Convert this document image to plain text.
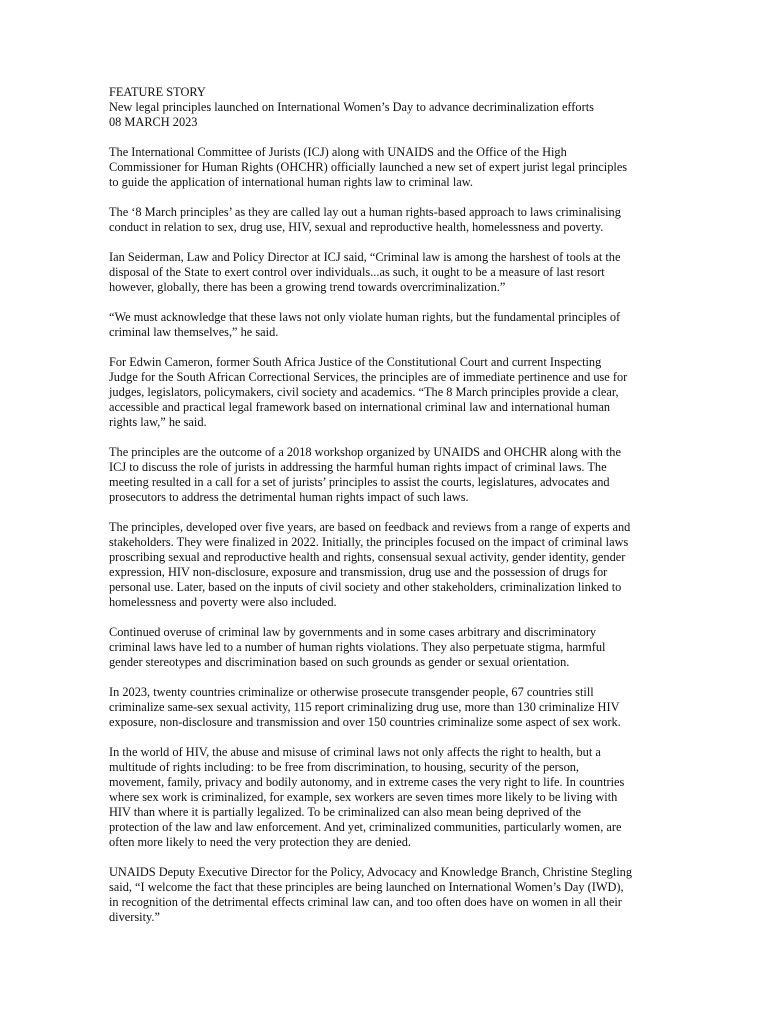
FEATURE STORY
New legal principles launched on International Women’s Day to advance decriminalization efforts
08 MARCH 2023

The International Committee of Jurists (ICJ) along with UNAIDS and the Office of the High
Commissioner for Human Rights (OHCHR) officially launched a new set of expert jurist legal principles
to guide the application of international human rights law to criminal law.

The ‘8 March principles’ as they are called lay out a human rights-based approach to laws criminalising
conduct in relation to sex, drug use, HIV, sexual and reproductive health, homelessness and poverty.

Ian Seiderman, Law and Policy Director at ICJ said, “Criminal law is among the harshest of tools at the
disposal of the State to exert control over individuals...as such, it ought to be a measure of last resort
however, globally, there has been a growing trend towards overcriminalization.”

“We must acknowledge that these laws not only violate human rights, but the fundamental principles of
criminal law themselves,” he said.

For Edwin Cameron, former South Africa Justice of the Constitutional Court and current Inspecting
Judge for the South African Correctional Services, the principles are of immediate pertinence and use for
judges, legislators, policymakers, civil society and academics. “The 8 March principles provide a clear,
accessible and practical legal framework based on international criminal law and international human
rights law,” he said.

The principles are the outcome of a 2018 workshop organized by UNAIDS and OHCHR along with the
ICJ to discuss the role of jurists in addressing the harmful human rights impact of criminal laws. The
meeting resulted in a call for a set of jurists’ principles to assist the courts, legislatures, advocates and
prosecutors to address the detrimental human rights impact of such laws.

The principles, developed over five years, are based on feedback and reviews from a range of experts and
stakeholders. They were finalized in 2022. Initially, the principles focused on the impact of criminal laws
proscribing sexual and reproductive health and rights, consensual sexual activity, gender identity, gender
expression, HIV non-disclosure, exposure and transmission, drug use and the possession of drugs for
personal use. Later, based on the inputs of civil society and other stakeholders, criminalization linked to
homelessness and poverty were also included.

Continued overuse of criminal law by governments and in some cases arbitrary and discriminatory
criminal laws have led to a number of human rights violations. They also perpetuate stigma, harmful
gender stereotypes and discrimination based on such grounds as gender or sexual orientation.

In 2023, twenty countries criminalize or otherwise prosecute transgender people, 67 countries still
criminalize same-sex sexual activity, 115 report criminalizing drug use, more than 130 criminalize HIV
exposure, non-disclosure and transmission and over 150 countries criminalize some aspect of sex work.

In the world of HIV, the abuse and misuse of criminal laws not only affects the right to health, but a
multitude of rights including: to be free from discrimination, to housing, security of the person,
movement, family, privacy and bodily autonomy, and in extreme cases the very right to life. In countries
where sex work is criminalized, for example, sex workers are seven times more likely to be living with
HIV than where it is partially legalized. To be criminalized can also mean being deprived of the
protection of the law and law enforcement. And yet, criminalized communities, particularly women, are
often more likely to need the very protection they are denied.

UNAIDS Deputy Executive Director for the Policy, Advocacy and Knowledge Branch, Christine Stegling
said, “I welcome the fact that these principles are being launched on International Women’s Day (IWD),
in recognition of the detrimental effects criminal law can, and too often does have on women in all their
diversity.”
